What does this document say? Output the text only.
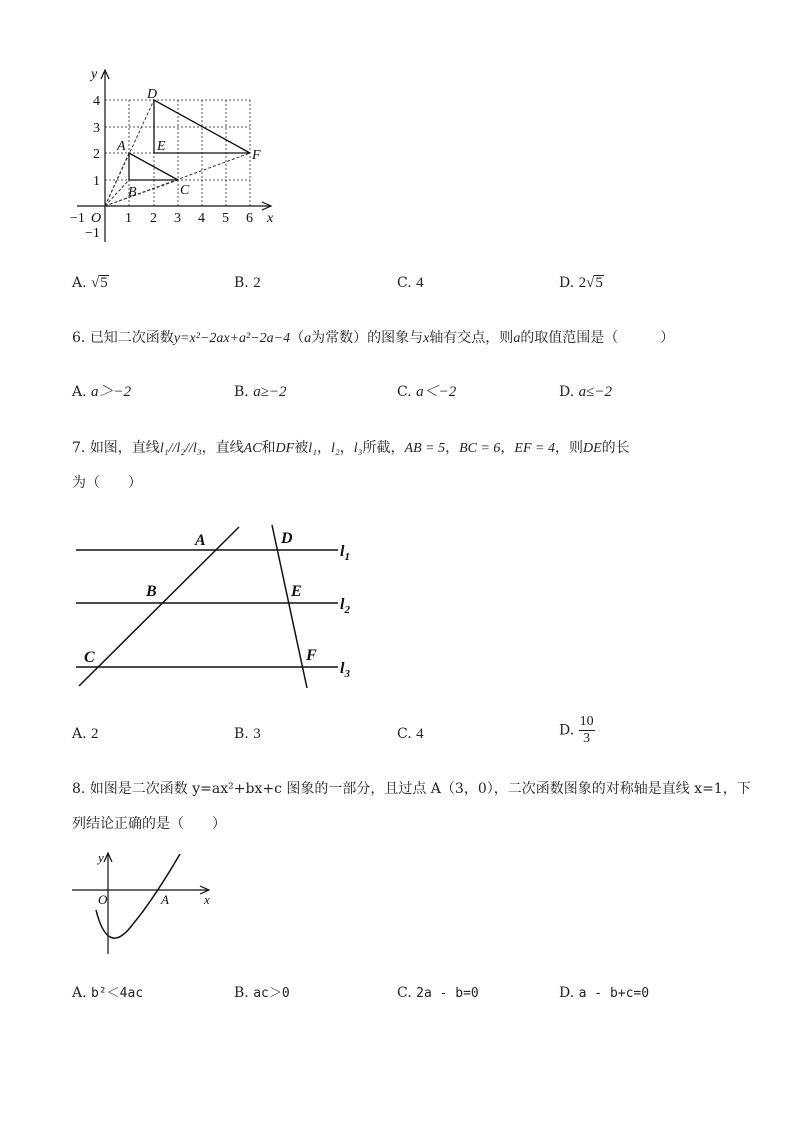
y
x
O
−1	1 2 3 4 5 6
4
3
2
1
−1
D
A E
F
B	C
A. √5	B. 2	C. 4	D. 2√5
6. 已知二次函数y=x²−2ax+a²−2a−4（a为常数）的图象与x轴有交点，则a的取值范围是（　　　）
A. a＞−2	B. a≥−2	C. a＜−2	D. a≤−2
7. 如图，直线l₁//l₂//l₃，直线AC和DF被l₁，l₂，l₃所截，AB = 5，BC = 6，EF = 4，则DE的长
为（　　）
A	D
B	E
C	F
$l_1$
$l_2$
$l_3$
A. 2	B. 3	C. 4	D. $\frac{10}{3}$
8. 如图是二次函数 y=ax²+bx+c 图象的一部分，且过点 A（3，0），二次函数图象的对称轴是直线 x=1，下
列结论正确的是（　　）
y
x
O	A
A. b²＜4ac	B. ac＞0	C. 2a - b=0	D. a - b+c=0
